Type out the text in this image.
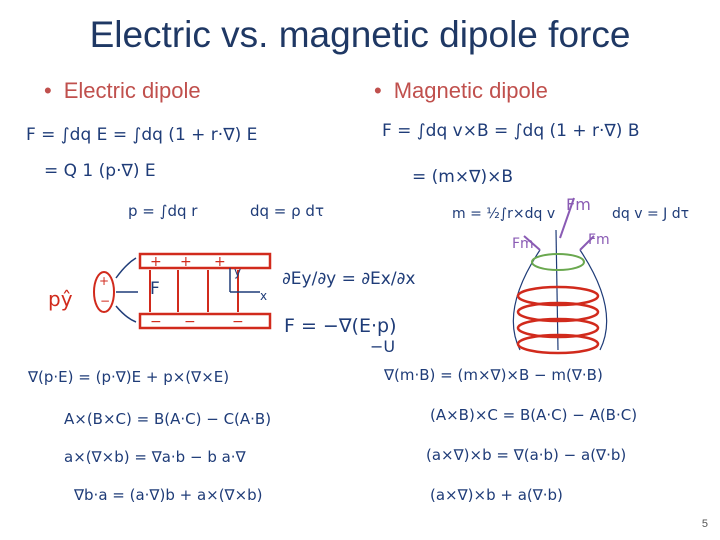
Electric vs. magnetic dipole force
• Electric dipole	• Magnetic dipole
F = ∫dq E = ∫dq (1 + r·∇) E
= Q 1 (p·∇) E
p = ∫dq r	dq = ρ dτ
+ + +
− −	−
F
+
−
pŷ
y
x
∂Ey/∂y = ∂Ex/∂x
F = −∇(E·p)
−U
∇(p·E) = (p·∇)E + p×(∇×E)
A×(B×C) = B(A·C) − C(A·B)
a×(∇×b) = ∇a·b − b a·∇
∇b·a = (a·∇)b + a×(∇×b)
F = ∫dq v×B = ∫dq (1 + r·∇) B
= (m×∇)×B
m = ½∫r×dq v	dq v = J dτ
Fm
Fm	Fm
∇(m·B) = (m×∇)×B − m(∇·B)
(A×B)×C = B(A·C) − A(B·C)
(a×∇)×b = ∇(a·b) − a(∇·b)
(a×∇)×b + a(∇·b)
5
